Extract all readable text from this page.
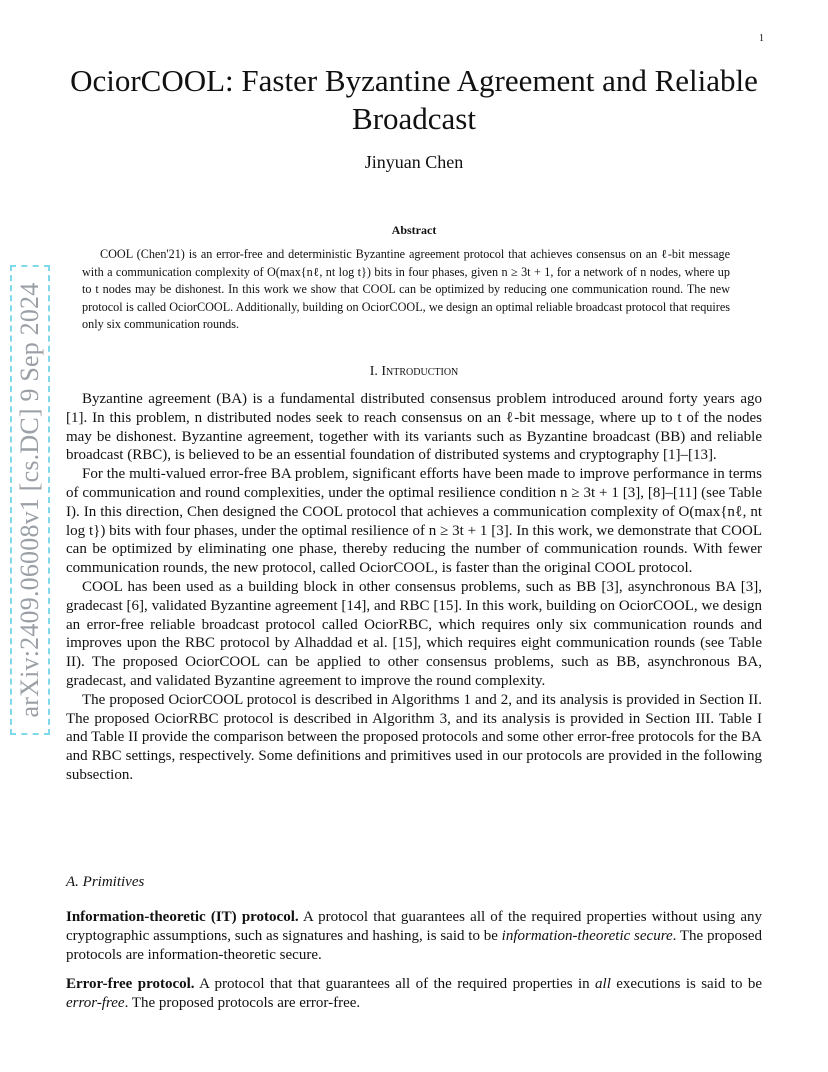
1
arXiv:2409.06008v1 [cs.DC] 9 Sep 2024
OciorCOOL: Faster Byzantine Agreement and Reliable Broadcast
Jinyuan Chen
Abstract

COOL (Chen'21) is an error-free and deterministic Byzantine agreement protocol that achieves consensus on an ℓ-bit message with a communication complexity of O(max{nℓ, nt log t}) bits in four phases, given n ≥ 3t + 1, for a network of n nodes, where up to t nodes may be dishonest. In this work we show that COOL can be optimized by reducing one communication round. The new protocol is called OciorCOOL. Additionally, building on OciorCOOL, we design an optimal reliable broadcast protocol that requires only six communication rounds.

I. Introduction

Byzantine agreement (BA) is a fundamental distributed consensus problem introduced around forty years ago [1]. In this problem, n distributed nodes seek to reach consensus on an ℓ-bit message, where up to t of the nodes may be dishonest. Byzantine agreement, together with its variants such as Byzantine broadcast (BB) and reliable broadcast (RBC), is believed to be an essential foundation of distributed systems and cryptography [1]–[13].

For the multi-valued error-free BA problem, significant efforts have been made to improve performance in terms of communication and round complexities, under the optimal resilience condition n ≥ 3t + 1 [3], [8]–[11] (see Table I). In this direction, Chen designed the COOL protocol that achieves a communication complexity of O(max{nℓ, nt log t}) bits with four phases, under the optimal resilience of n ≥ 3t + 1 [3]. In this work, we demonstrate that COOL can be optimized by eliminating one phase, thereby reducing the number of communication rounds. With fewer communication rounds, the new protocol, called OciorCOOL, is faster than the original COOL protocol.

COOL has been used as a building block in other consensus problems, such as BB [3], asynchronous BA [3], gradecast [6], validated Byzantine agreement [14], and RBC [15]. In this work, building on OciorCOOL, we design an error-free reliable broadcast protocol called OciorRBC, which requires only six communication rounds and improves upon the RBC protocol by Alhaddad et al. [15], which requires eight communication rounds (see Table II). The proposed OciorCOOL can be applied to other consensus problems, such as BB, asynchronous BA, gradecast, and validated Byzantine agreement to improve the round complexity.

The proposed OciorCOOL protocol is described in Algorithms 1 and 2, and its analysis is provided in Section II. The proposed OciorRBC protocol is described in Algorithm 3, and its analysis is provided in Section III. Table I and Table II provide the comparison between the proposed protocols and some other error-free protocols for the BA and RBC settings, respectively. Some definitions and primitives used in our protocols are provided in the following subsection.

A. Primitives

Information-theoretic (IT) protocol. A protocol that guarantees all of the required properties without using any cryptographic assumptions, such as signatures and hashing, is said to be information-theoretic secure. The proposed protocols are information-theoretic secure.

Error-free protocol. A protocol that that guarantees all of the required properties in all executions is said to be error-free. The proposed protocols are error-free.
